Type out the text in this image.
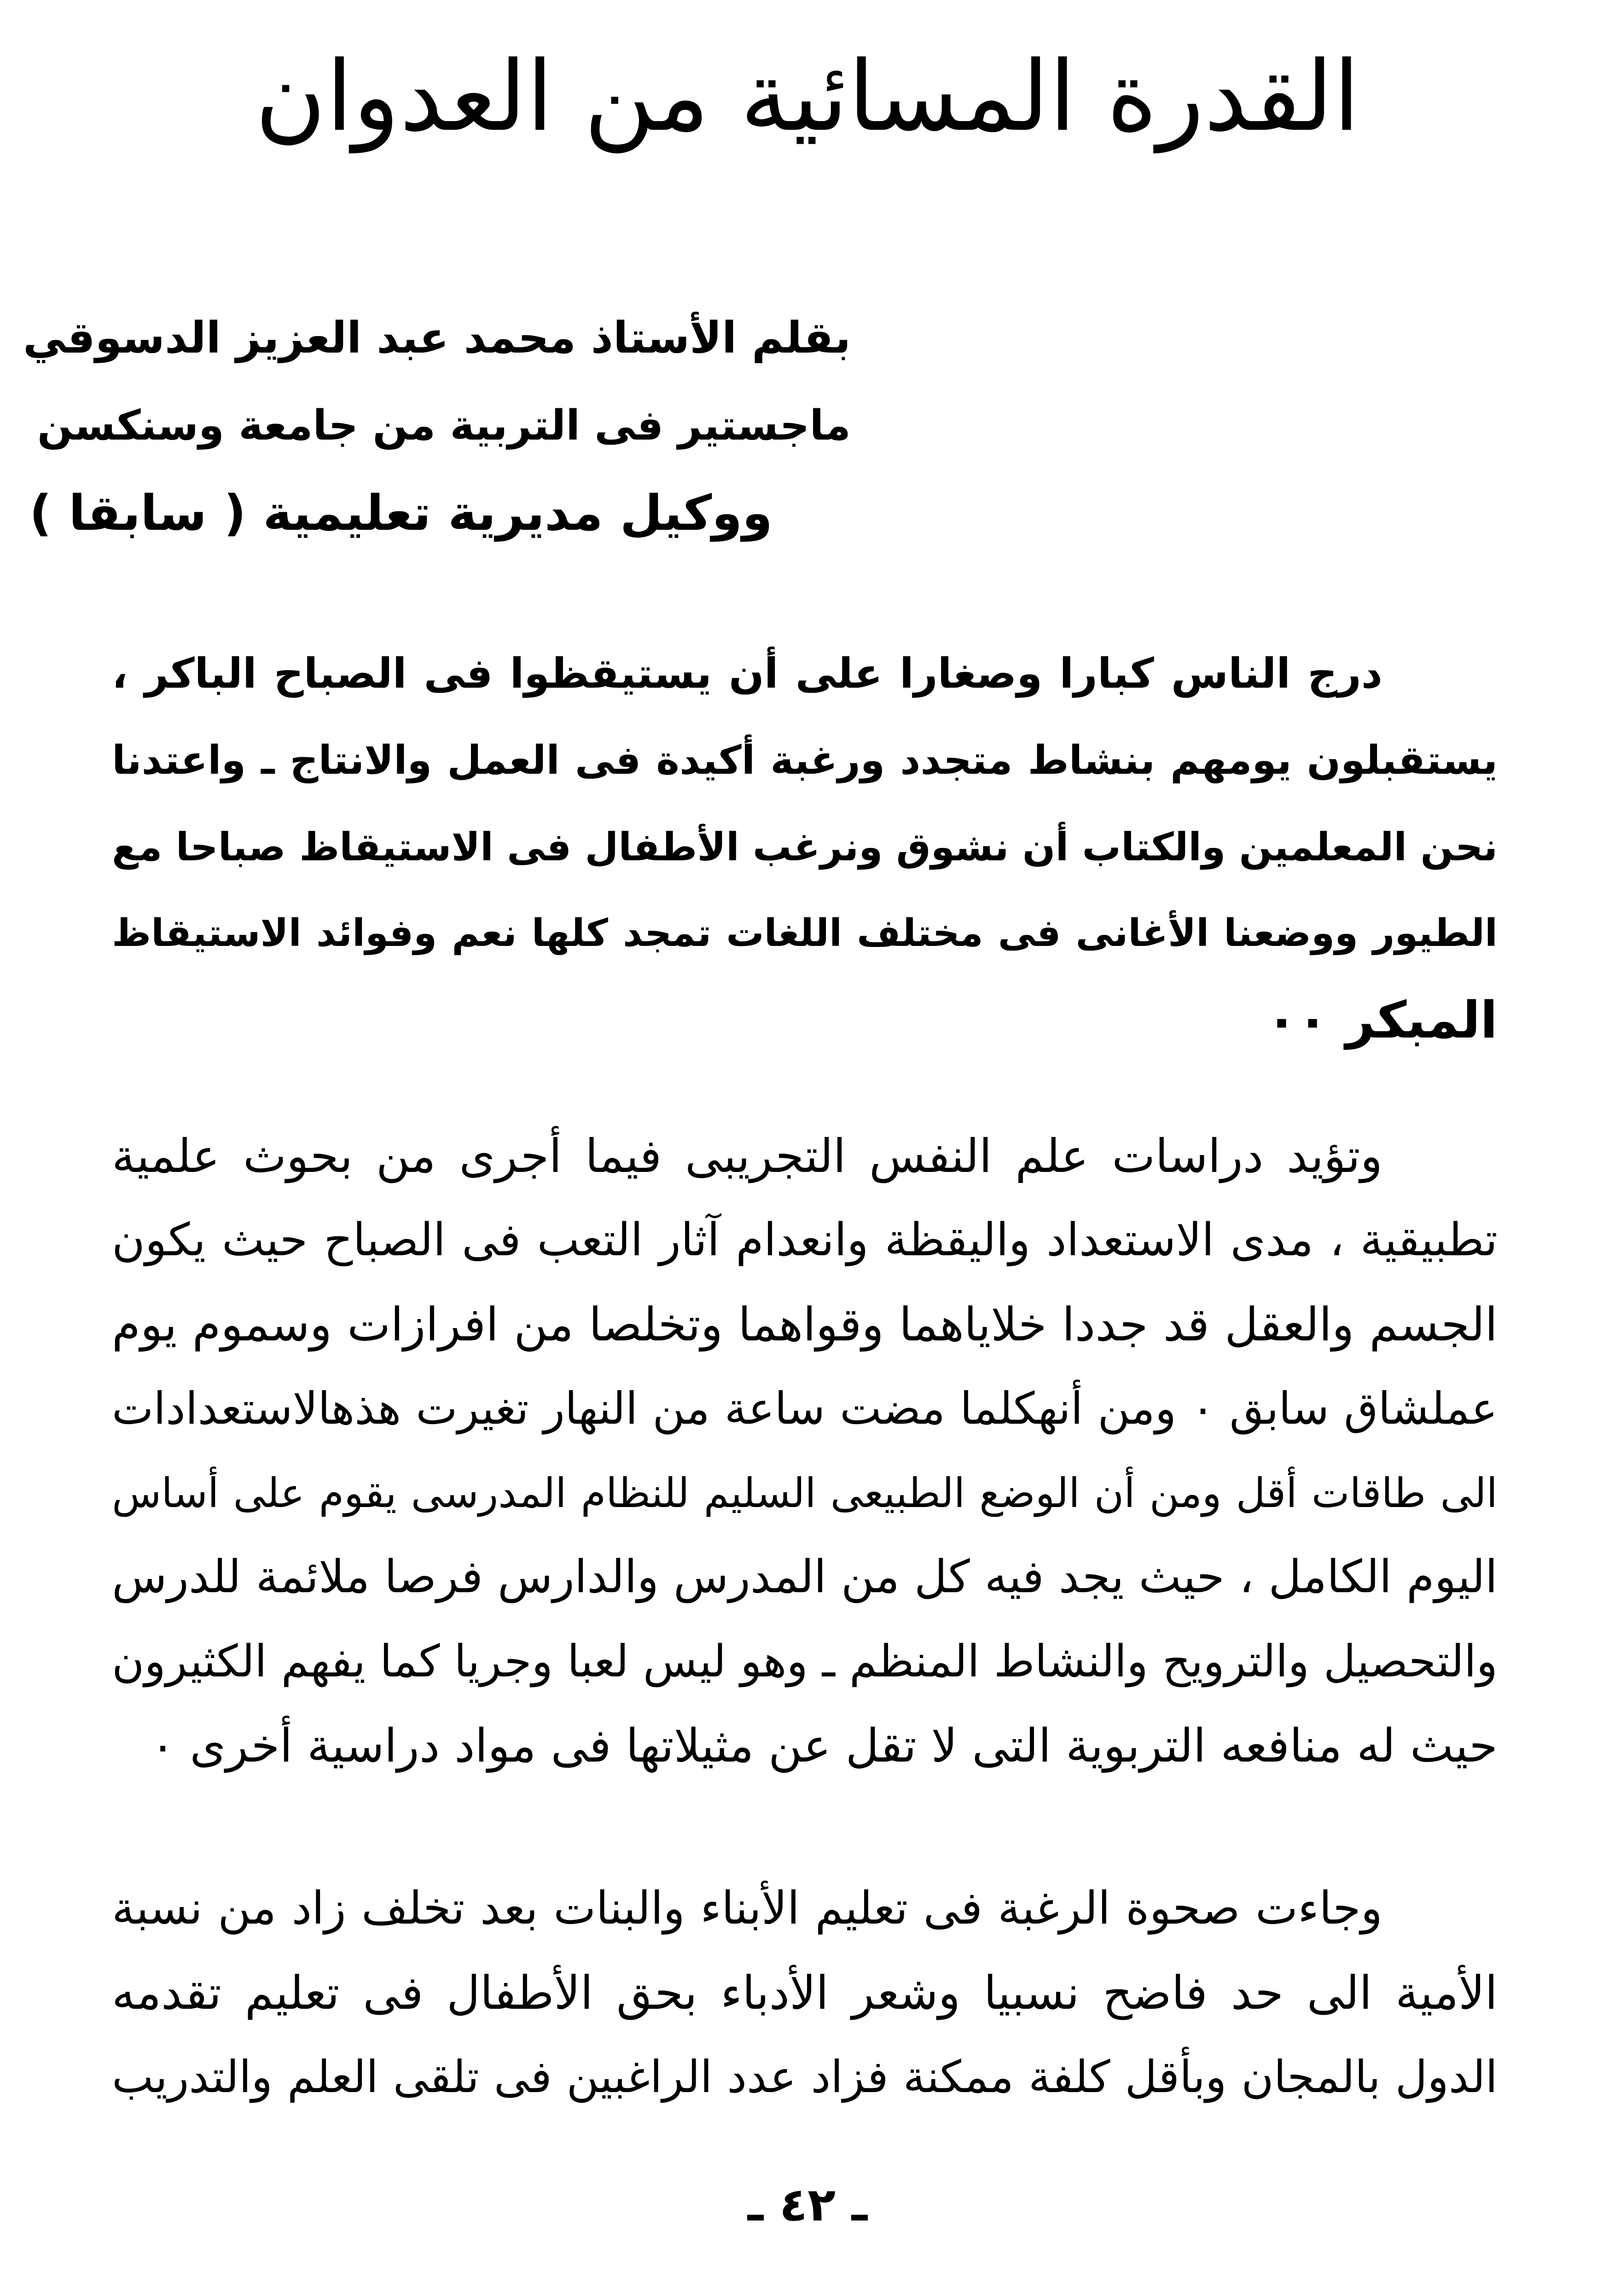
القدرة المسائية من العدوان
بقلم الأستاذ محمد عبد العزيز الدسوقي
ماجستير فى التربية من جامعة وسنكسن
ووكيل مديرية تعليمية ( سابقا )
درج الناس كبارا وصغارا على أن يستيقظوا فى الصباح الباكر ،
يستقبلون يومهم بنشاط متجدد ورغبة أكيدة فى العمل والانتاج ـ واعتدنا
نحن المعلمين والكتاب أن نشوق ونرغب الأطفال فى الاستيقاظ صباحا مع
الطيور ووضعنا الأغانى فى مختلف اللغات تمجد كلها نعم وفوائد الاستيقاظ
المبكر ٠٠
وتؤيد دراسات علم النفس التجريبى فيما أجرى من بحوث علمية
تطبيقية ، مدى الاستعداد واليقظة وانعدام آثار التعب فى الصباح حيث يكون
الجسم والعقل قد جددا خلاياهما وقواهما وتخلصا من افرازات وسموم يوم
عملشاق سابق ٠ ومن أنهكلما مضت ساعة من النهار تغيرت هذهالاستعدادات
الى طاقات أقل ومن أن الوضع الطبيعى السليم للنظام المدرسى يقوم على أساس
اليوم الكامل ، حيث يجد فيه كل من المدرس والدارس فرصا ملائمة للدرس
والتحصيل والترويح والنشاط المنظم ـ وهو ليس لعبا وجريا كما يفهم الكثيرون
حيث له منافعه التربوية التى لا تقل عن مثيلاتها فى مواد دراسية أخرى ٠
وجاءت صحوة الرغبة فى تعليم الأبناء والبنات بعد تخلف زاد من نسبة
الأمية الى حد فاضح نسبيا وشعر الأدباء بحق الأطفال فى تعليم تقدمه
الدول بالمجان وبأقل كلفة ممكنة فزاد عدد الراغبين فى تلقى العلم والتدريب
ـ ٤٢ ـ
